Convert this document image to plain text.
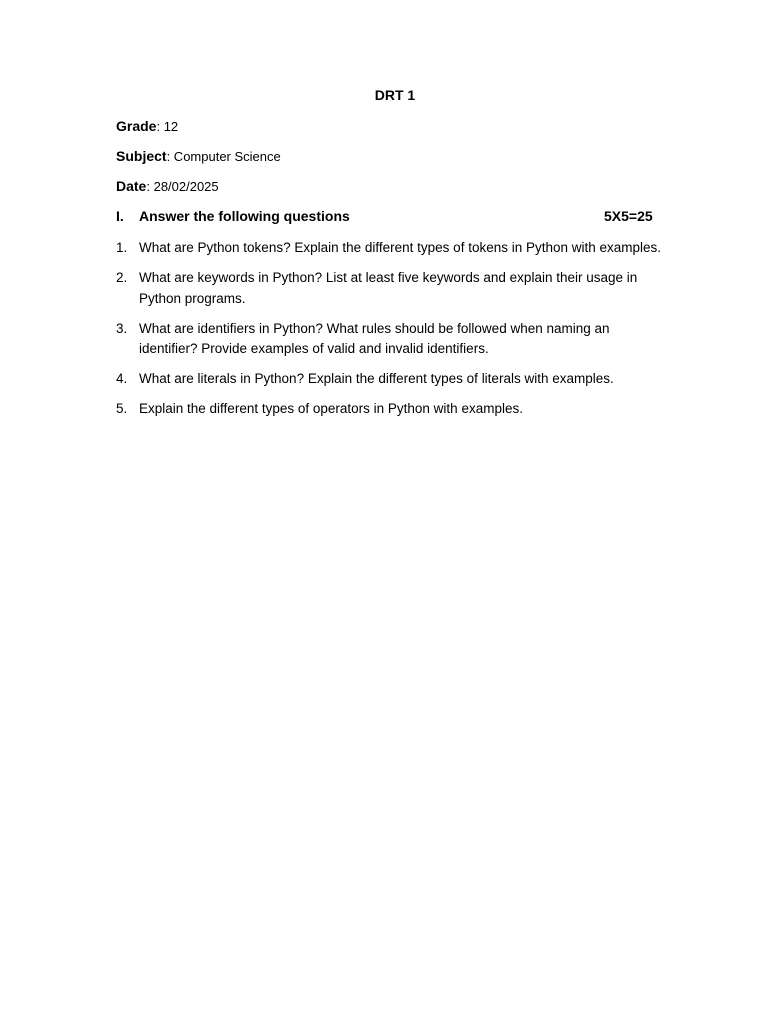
DRT 1
Grade: 12
Subject: Computer Science
Date: 28/02/2025
I. Answer the following questions	5X5=25
1. What are Python tokens? Explain the different types of tokens in Python with examples.
2. What are keywords in Python? List at least five keywords and explain their usage in Python programs.
3. What are identifiers in Python? What rules should be followed when naming an identifier? Provide examples of valid and invalid identifiers.
4. What are literals in Python? Explain the different types of literals with examples.
5. Explain the different types of operators in Python with examples.
